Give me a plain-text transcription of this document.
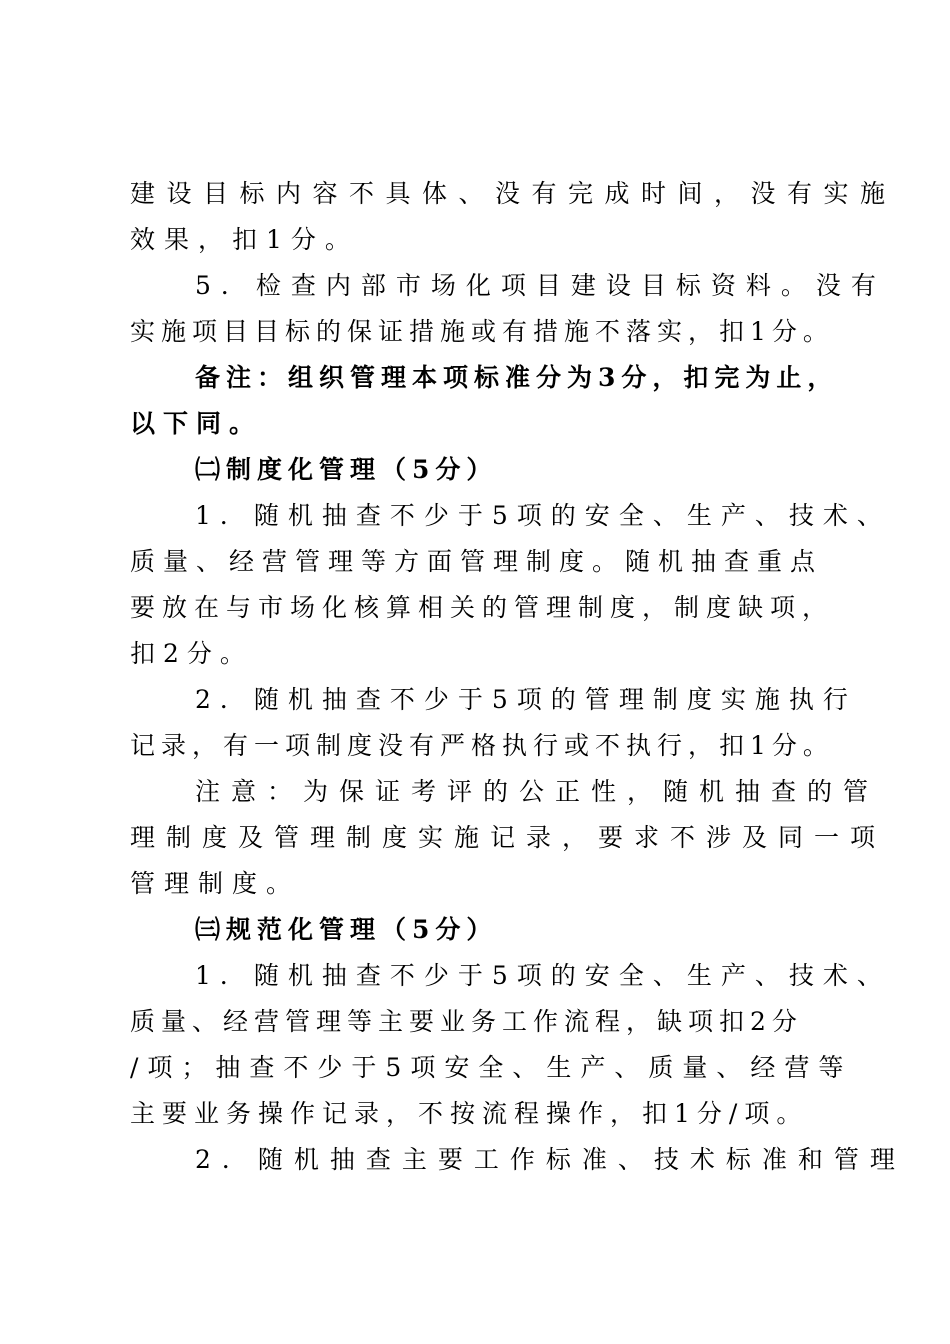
建设目标内容不具体、没有完成时间，没有实施
效果，扣1分。
5．检查内部市场化项目建设目标资料。没有
实施项目目标的保证措施或有措施不落实，扣1分。
备注：组织管理本项标准分为3分，扣完为止，
以下同。
㈡制度化管理（5分）
1．随机抽查不少于5项的安全、生产、技术、
质量、经营管理等方面管理制度。随机抽查重点
要放在与市场化核算相关的管理制度，制度缺项，
扣2分。
2．随机抽查不少于5项的管理制度实施执行
记录，有一项制度没有严格执行或不执行，扣1分。
注意：为保证考评的公正性，随机抽查的管
理制度及管理制度实施记录，要求不涉及同一项
管理制度。
㈢规范化管理（5分）
1．随机抽查不少于5项的安全、生产、技术、
质量、经营管理等主要业务工作流程，缺项扣2分
/项；抽查不少于5项安全、生产、质量、经营等
主要业务操作记录，不按流程操作，扣1分/项。
2．随机抽查主要工作标准、技术标准和管理
